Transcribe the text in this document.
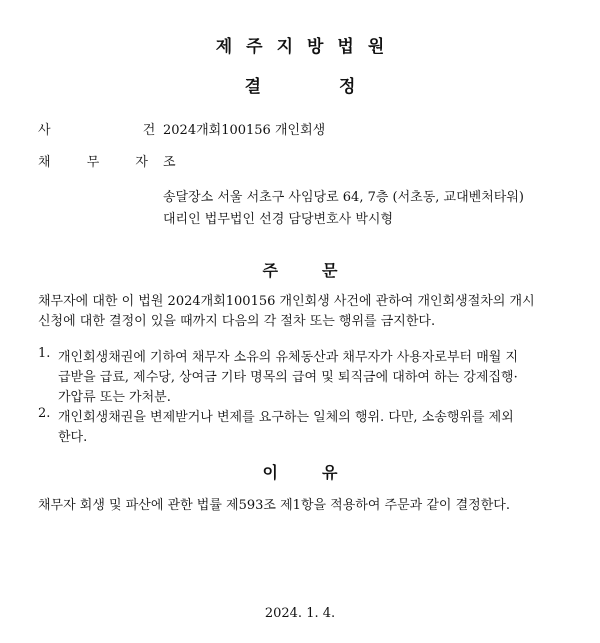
제주지방법원
결정
사 건
2024개회100156 개인회생
채 무 자 조
송달장소 서울 서초구 사임당로 64, 7층 (서초동, 교대벤처타워)
대리인 법무법인 선경 담당변호사 박시형
주문
채무자에 대한 이 법원 2024개회100156 개인회생 사건에 관하여 개인회생절차의 개시
신청에 대한 결정이 있을 때까지 다음의 각 절차 또는 행위를 금지한다.
1. 개인회생채권에 기하여 채무자 소유의 유체동산과 채무자가 사용자로부터 매월 지
급받을 급료, 제수당, 상여금 기타 명목의 급여 및 퇴직금에 대하여 하는 강제집행·
가압류 또는 가처분.
2. 개인회생채권을 변제받거나 변제를 요구하는 일체의 행위. 다만, 소송행위를 제외
한다.
이유
채무자 회생 및 파산에 관한 법률 제593조 제1항을 적용하여 주문과 같이 결정한다.
2024. 1. 4.
